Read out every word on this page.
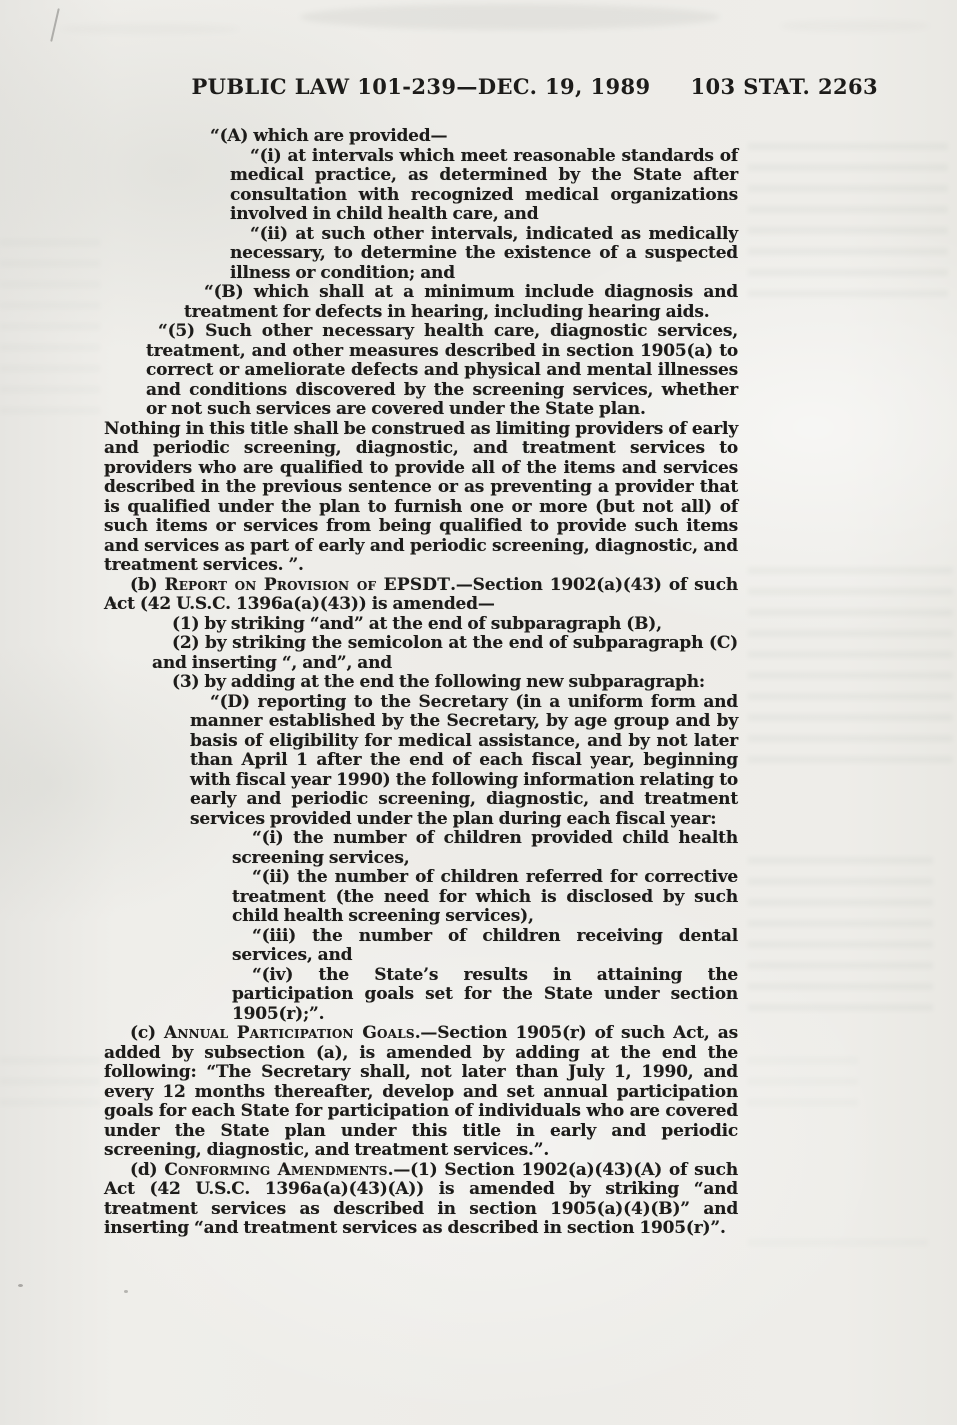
PUBLIC LAW 101-239—DEC. 19, 1989	103 STAT. 2263
“(A) which are provided—
“(i) at intervals which meet reasonable standards of medical practice, as determined by the State after consultation with recognized medical organizations involved in child health care, and
“(ii) at such other intervals, indicated as medically necessary, to determine the existence of a suspected illness or condition; and
“(B) which shall at a minimum include diagnosis and treatment for defects in hearing, including hearing aids.
“(5) Such other necessary health care, diagnostic services, treatment, and other measures described in section 1905(a) to correct or ameliorate defects and physical and mental illnesses and conditions discovered by the screening services, whether or not such services are covered under the State plan.
Nothing in this title shall be construed as limiting providers of early and periodic screening, diagnostic, and treatment services to providers who are qualified to provide all of the items and services described in the previous sentence or as preventing a provider that is qualified under the plan to furnish one or more (but not all) of such items or services from being qualified to provide such items and services as part of early and periodic screening, diagnostic, and treatment services. ”.
(b) Report on Provision of EPSDT.—Section 1902(a)(43) of such Act (42 U.S.C. 1396a(a)(43)) is amended—
(1) by striking “and” at the end of subparagraph (B),
(2) by striking the semicolon at the end of subparagraph (C) and inserting “, and”, and
(3) by adding at the end the following new subparagraph:
“(D) reporting to the Secretary (in a uniform form and manner established by the Secretary, by age group and by basis of eligibility for medical assistance, and by not later than April 1 after the end of each fiscal year, beginning with fiscal year 1990) the following information relating to early and periodic screening, diagnostic, and treatment services provided under the plan during each fiscal year:
“(i) the number of children provided child health screening services,
“(ii) the number of children referred for corrective treatment (the need for which is disclosed by such child health screening services),
“(iii) the number of children receiving dental services, and
“(iv) the State’s results in attaining the participation goals set for the State under section 1905(r);”.
(c) Annual Participation Goals.—Section 1905(r) of such Act, as added by subsection (a), is amended by adding at the end the following: “The Secretary shall, not later than July 1, 1990, and every 12 months thereafter, develop and set annual participation goals for each State for participation of individuals who are covered under the State plan under this title in early and periodic screening, diagnostic, and treatment services.”.
(d) Conforming Amendments.—(1) Section 1902(a)(43)(A) of such Act (42 U.S.C. 1396a(a)(43)(A)) is amended by striking “and treatment services as described in section 1905(a)(4)(B)” and inserting “and treatment services as described in section 1905(r)”.
